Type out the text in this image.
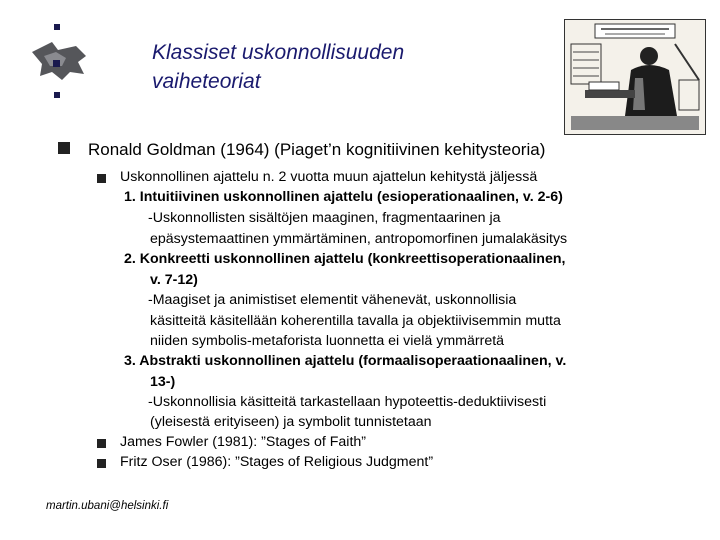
Klassiset uskonnollisuuden
vaiheteoriat
Ronald Goldman (1964) (Piaget’n kognitiivinen kehitysteoria)
Uskonnollinen ajattelu n. 2 vuotta muun ajattelun kehitystä jäljessä
1. Intuitiivinen uskonnollinen ajattelu (esioperationaalinen, v. 2-6)
-Uskonnollisten sisältöjen maaginen, fragmentaarinen ja
epäsystemaattinen ymmärtäminen, antropomorfinen jumalakäsitys
2. Konkreetti uskonnollinen ajattelu (konkreettisoperationaalinen,
v. 7-12)
-Maagiset ja animistiset elementit vähenevät, uskonnollisia
käsitteitä käsitellään koherentilla tavalla ja objektiivisemmin mutta
niiden symbolis-metaforista luonnetta ei vielä ymmärretä
3. Abstrakti uskonnollinen ajattelu (formaalisoperaationaalinen, v.
13-)
-Uskonnollisia käsitteitä tarkastellaan hypoteettis-deduktiivisesti
(yleisestä erityiseen) ja symbolit tunnistetaan
James Fowler (1981): ”Stages of Faith”
Fritz Oser (1986): ”Stages of Religious Judgment”
martin.ubani@helsinki.fi
